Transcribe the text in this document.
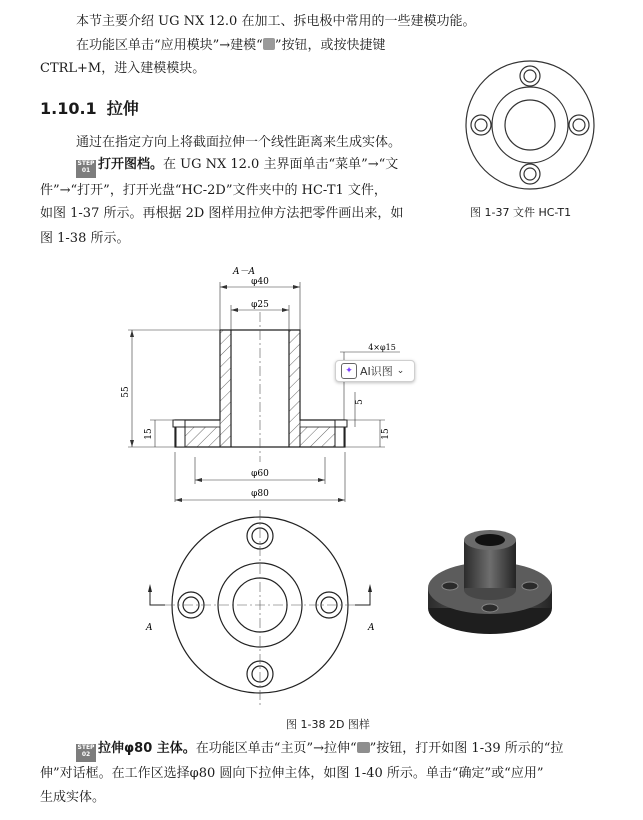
本节主要介绍 UG NX 12.0 在加工、拆电极中常用的一些建模功能。
在功能区单击“应用模块”→建模“ ”按钮，或按快捷键
CTRL+M，进入建模模块。
1.10.1 拉伸
通过在指定方向上将截面拉伸一个线性距离来生成实体。
STEP
01 打开图档。在 UG NX 12.0 主界面单击“菜单”→“文
件”→“打开”，打开光盘“HC-2D”文件夹中的 HC-T1 文件，
如图 1-37 所示。再根据 2D 图样用拉伸方法把零件画出来，如
图 1-38 所示。
图 1-37 文件 HC-T1
A－A
φ40
φ25
4×φ15
55
15
5
15
φ60
φ80
✦ AI识图 ⌄
A	A
图 1-38 2D 图样
STEP
02 拉伸φ80 主体。在功能区单击“主页”→拉伸“ ”按钮，打开如图 1-39 所示的“拉
伸”对话框。在工作区选择φ80 圆向下拉伸主体，如图 1-40 所示。单击“确定”或“应用”
生成实体。
